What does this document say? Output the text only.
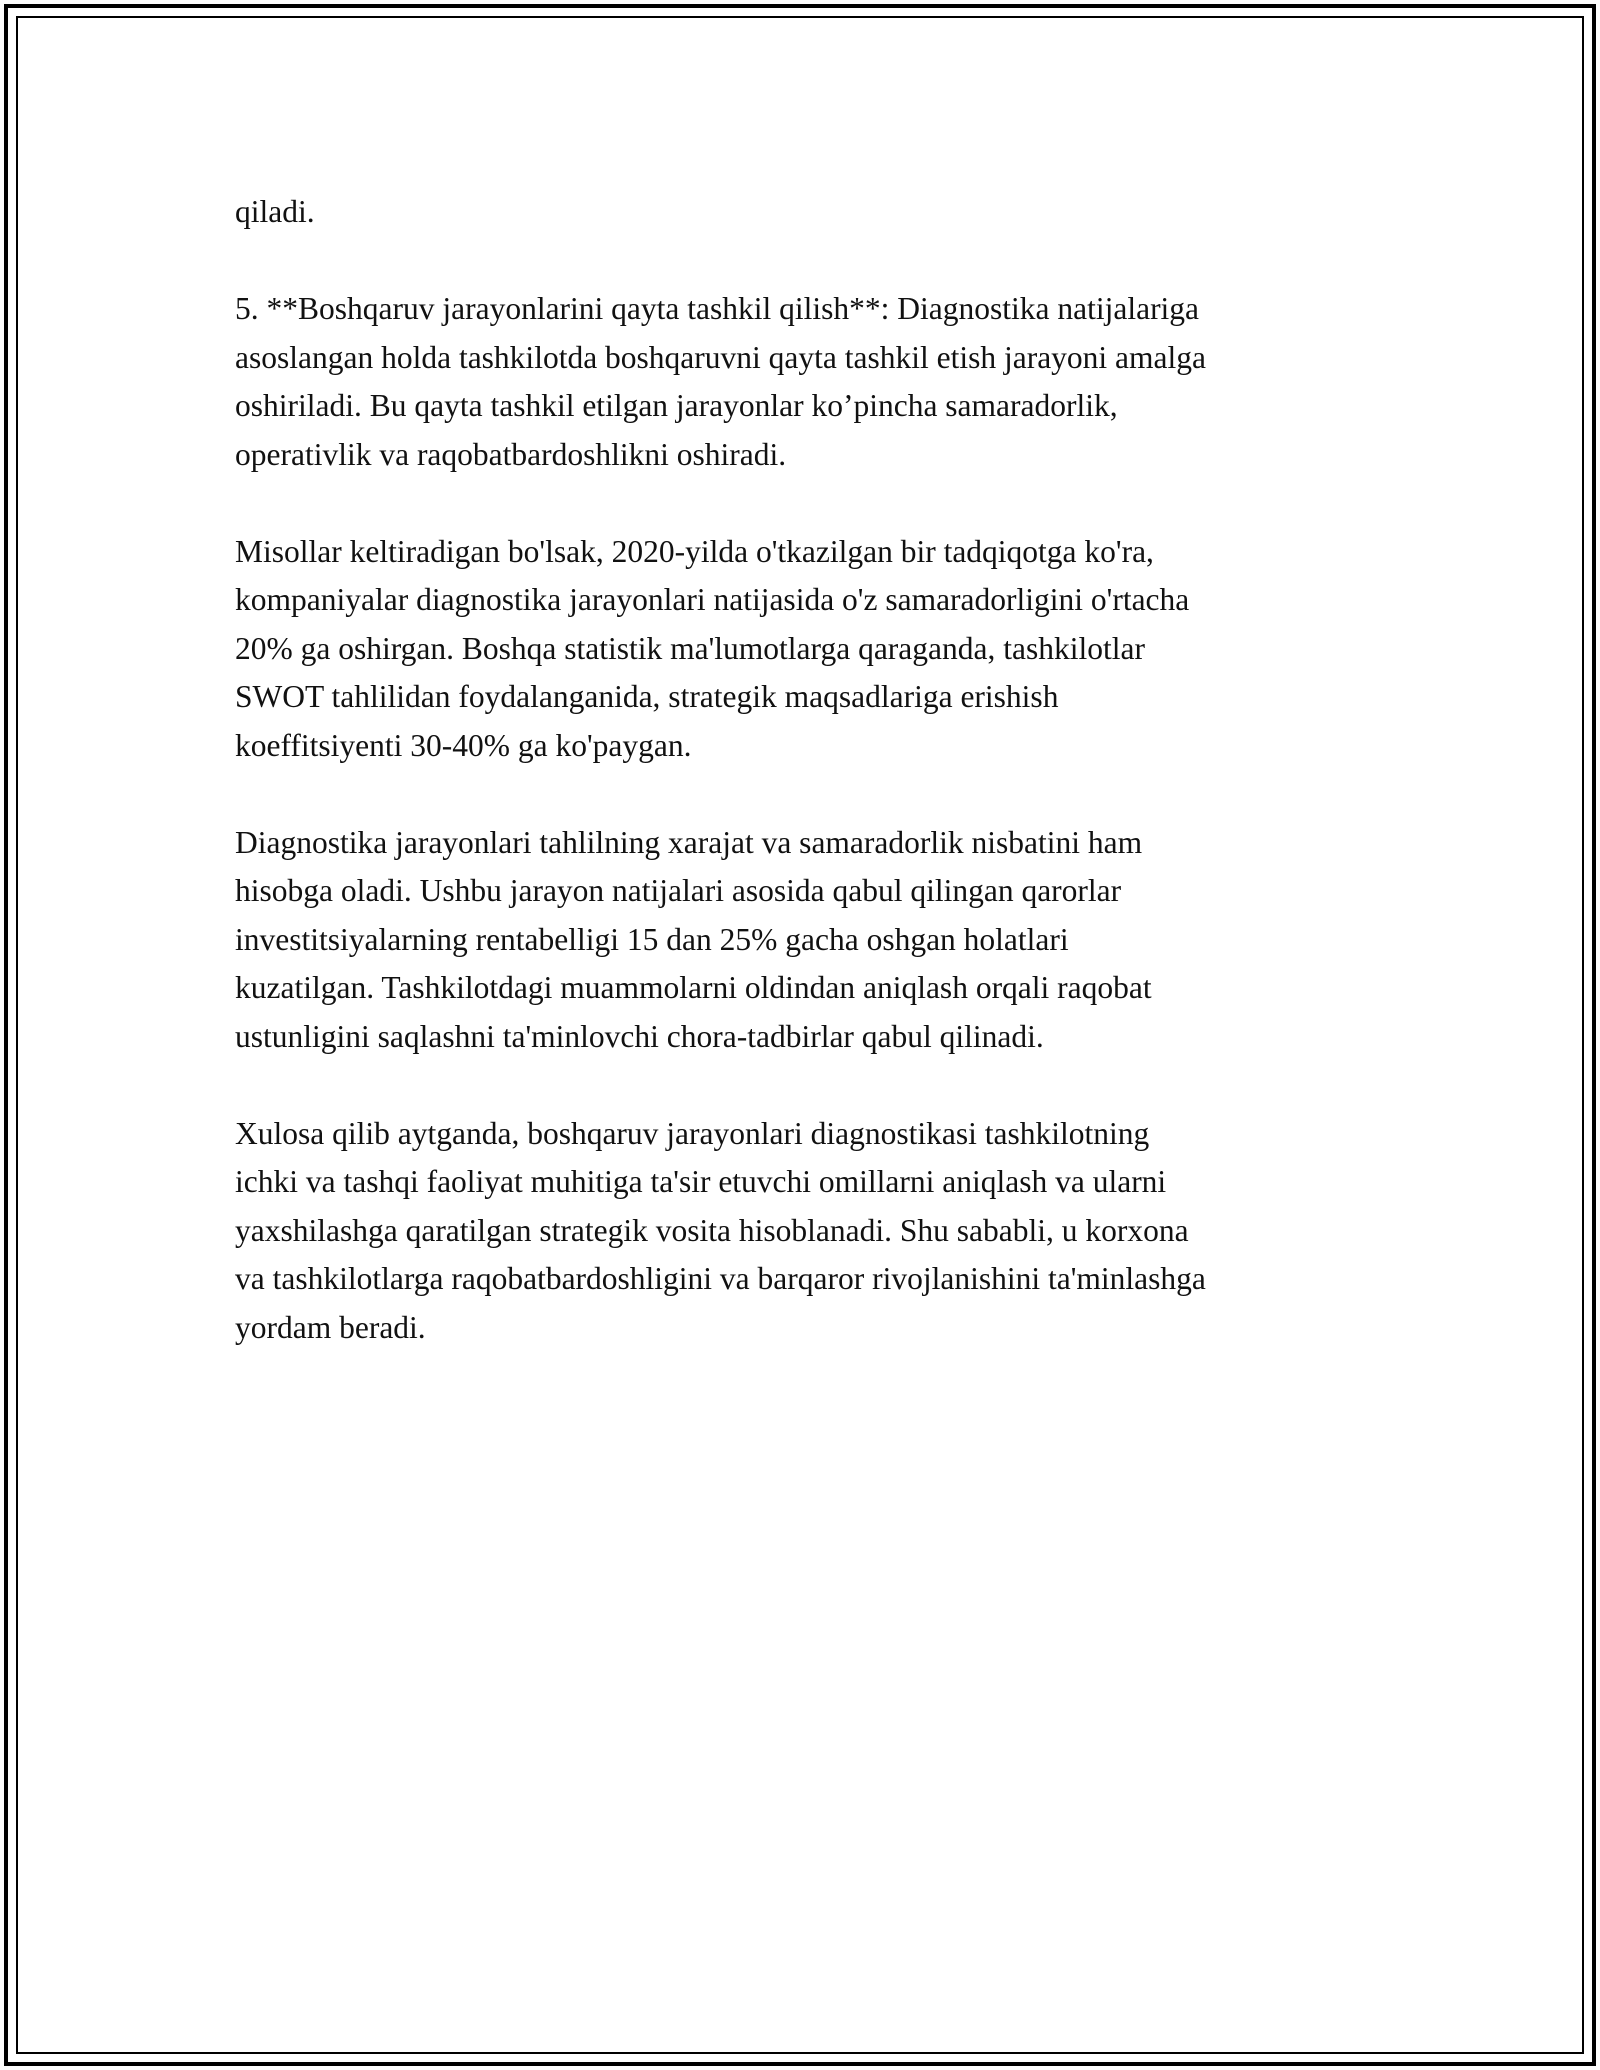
qiladi.

5. **Boshqaruv jarayonlarini qayta tashkil qilish**: Diagnostika natijalariga
asoslangan holda tashkilotda boshqaruvni qayta tashkil etish jarayoni amalga
oshiriladi. Bu qayta tashkil etilgan jarayonlar ko’pincha samaradorlik,
operativlik va raqobatbardoshlikni oshiradi.

Misollar keltiradigan bo'lsak, 2020-yilda o'tkazilgan bir tadqiqotga ko'ra,
kompaniyalar diagnostika jarayonlari natijasida o'z samaradorligini o'rtacha
20% ga oshirgan. Boshqa statistik ma'lumotlarga qaraganda, tashkilotlar
SWOT tahlilidan foydalanganida, strategik maqsadlariga erishish
koeffitsiyenti 30-40% ga ko'paygan.

Diagnostika jarayonlari tahlilning xarajat va samaradorlik nisbatini ham
hisobga oladi. Ushbu jarayon natijalari asosida qabul qilingan qarorlar
investitsiyalarning rentabelligi 15 dan 25% gacha oshgan holatlari
kuzatilgan. Tashkilotdagi muammolarni oldindan aniqlash orqali raqobat
ustunligini saqlashni ta'minlovchi chora-tadbirlar qabul qilinadi.

Xulosa qilib aytganda, boshqaruv jarayonlari diagnostikasi tashkilotning
ichki va tashqi faoliyat muhitiga ta'sir etuvchi omillarni aniqlash va ularni
yaxshilashga qaratilgan strategik vosita hisoblanadi. Shu sababli, u korxona
va tashkilotlarga raqobatbardoshligini va barqaror rivojlanishini ta'minlashga
yordam beradi.
